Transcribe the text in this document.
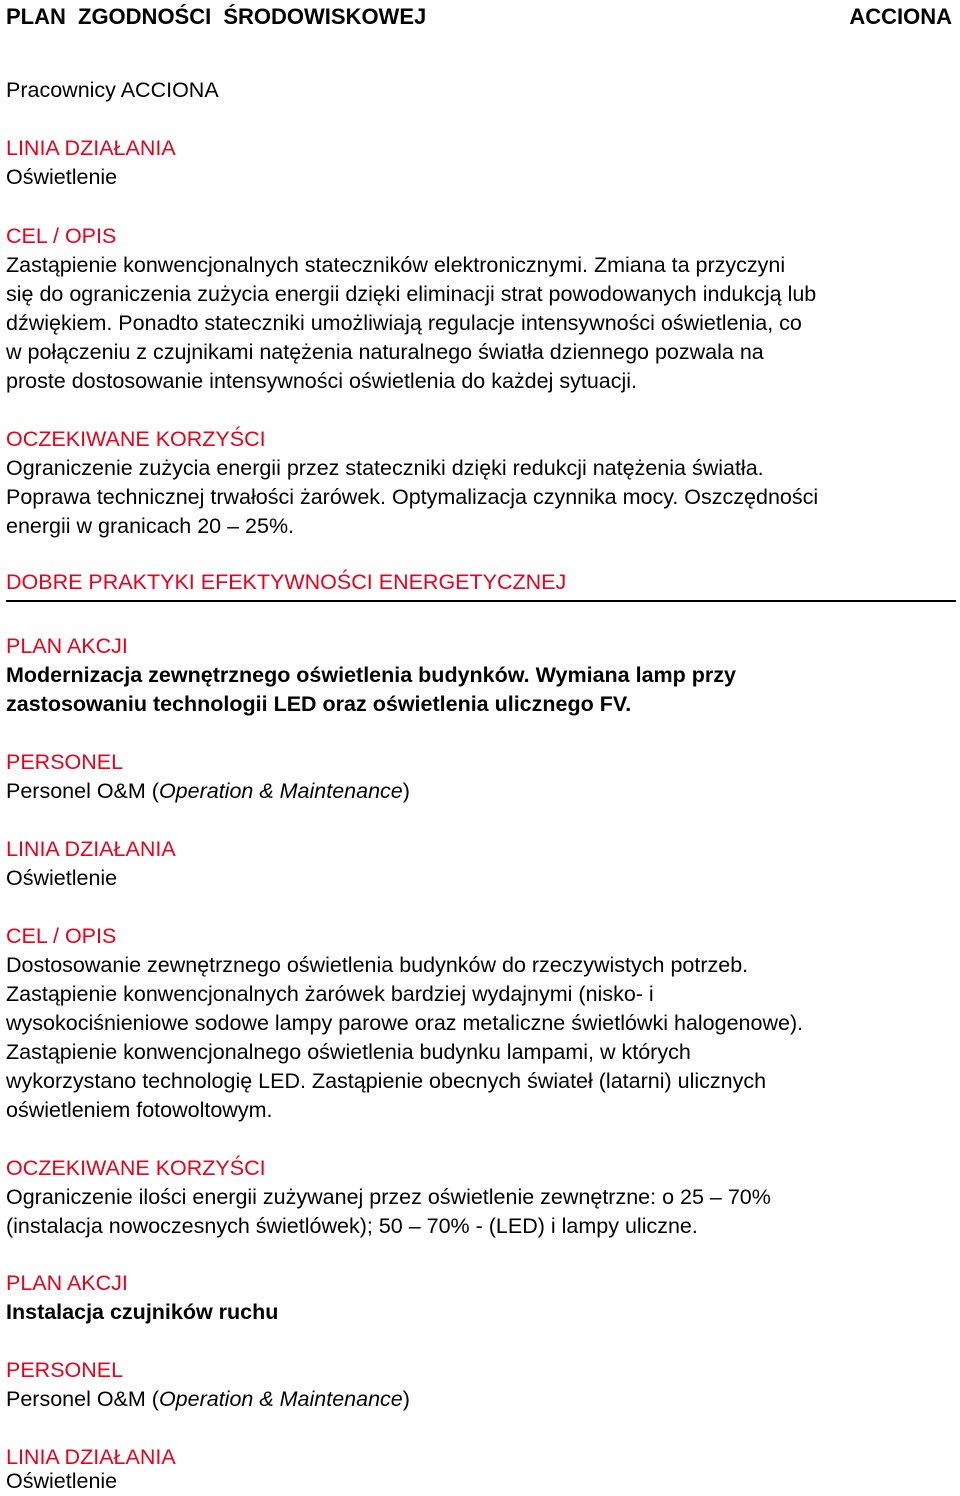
PLAN ZGODNOŚCI ŚRODOWISKOWEJ	ACCIONA
Pracownicy ACCIONA
LINIA DZIAŁANIA
Oświetlenie
CEL / OPIS
Zastąpienie konwencjonalnych stateczników elektronicznymi. Zmiana ta przyczyni
się do ograniczenia zużycia energii dzięki eliminacji strat powodowanych indukcją lub
dźwiękiem. Ponadto stateczniki umożliwiają regulacje intensywności oświetlenia, co
w połączeniu z czujnikami natężenia naturalnego światła dziennego pozwala na
proste dostosowanie intensywności oświetlenia do każdej sytuacji.
OCZEKIWANE KORZYŚCI
Ograniczenie zużycia energii przez stateczniki dzięki redukcji natężenia światła.
Poprawa technicznej trwałości żarówek. Optymalizacja czynnika mocy. Oszczędności
energii w granicach 20 – 25%.
DOBRE PRAKTYKI EFEKTYWNOŚCI ENERGETYCZNEJ
PLAN AKCJI
Modernizacja zewnętrznego oświetlenia budynków. Wymiana lamp przy
zastosowaniu technologii LED oraz oświetlenia ulicznego FV.
PERSONEL
Personel O&M (Operation & Maintenance)
LINIA DZIAŁANIA
Oświetlenie
CEL / OPIS
Dostosowanie zewnętrznego oświetlenia budynków do rzeczywistych potrzeb.
Zastąpienie konwencjonalnych żarówek bardziej wydajnymi (nisko- i
wysokociśnieniowe sodowe lampy parowe oraz metaliczne świetlówki halogenowe).
Zastąpienie konwencjonalnego oświetlenia budynku lampami, w których
wykorzystano technologię LED. Zastąpienie obecnych świateł (latarni) ulicznych
oświetleniem fotowoltowym.
OCZEKIWANE KORZYŚCI
Ograniczenie ilości energii zużywanej przez oświetlenie zewnętrzne: o 25 – 70%
(instalacja nowoczesnych świetlówek); 50 – 70% - (LED) i lampy uliczne.
PLAN AKCJI
Instalacja czujników ruchu
PERSONEL
Personel O&M (Operation & Maintenance)
LINIA DZIAŁANIA
Oświetlenie
